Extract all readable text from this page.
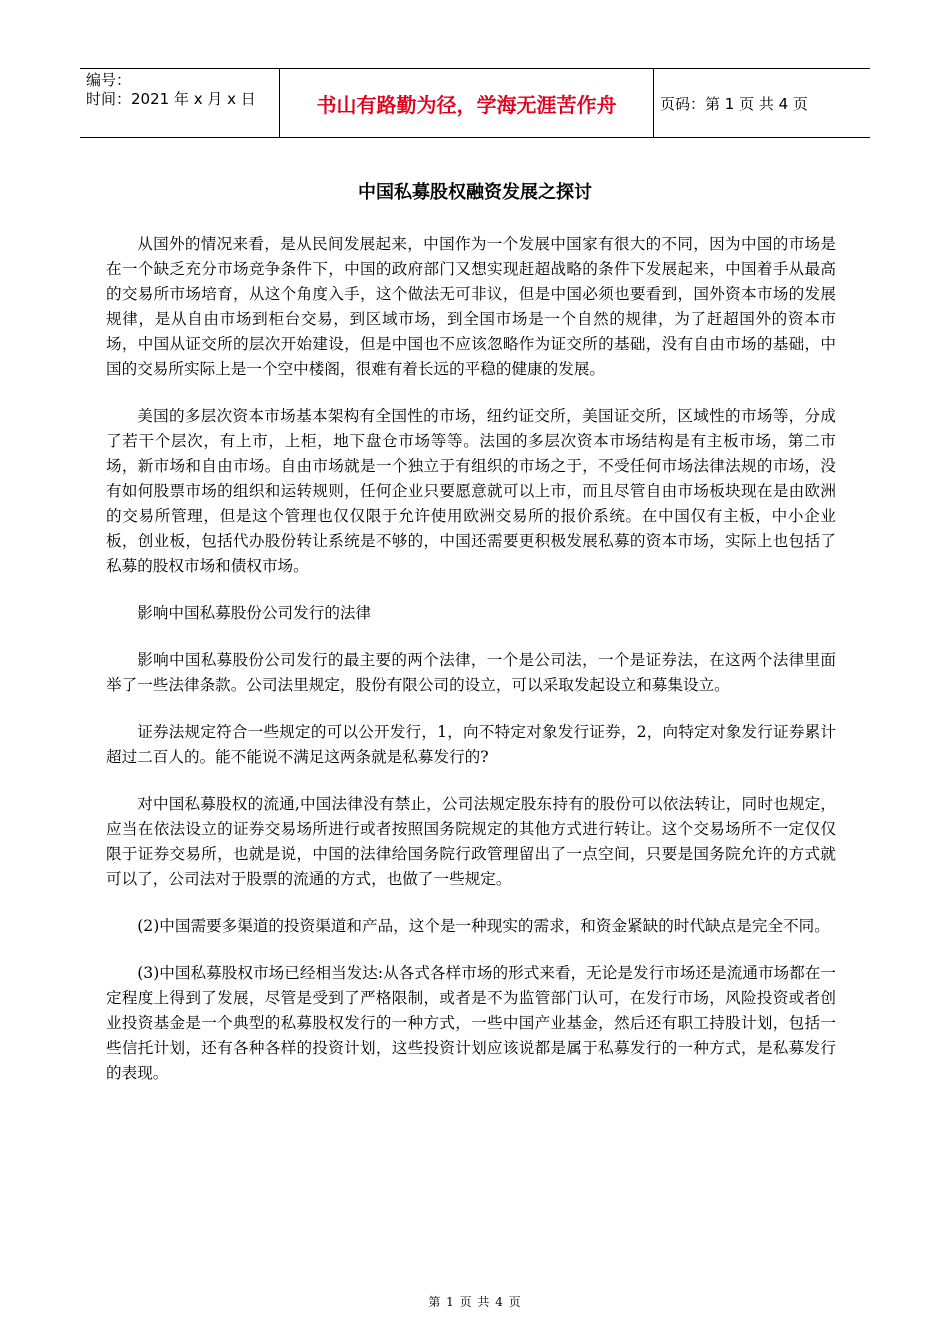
编号：
时间：2021 年 x 月 x 日	书山有路勤为径，学海无涯苦作舟	页码：第 1 页 共 4 页
中国私募股权融资发展之探讨

从国外的情况来看，是从民间发展起来，中国作为一个发展中国家有很大的不同，因为中国的市场是在一个缺乏充分市场竞争条件下，中国的政府部门又想实现赶超战略的条件下发展起来，中国着手从最高的交易所市场培育，从这个角度入手，这个做法无可非议，但是中国必须也要看到，国外资本市场的发展规律，是从自由市场到柜台交易，到区域市场，到全国市场是一个自然的规律，为了赶超国外的资本市场，中国从证交所的层次开始建设，但是中国也不应该忽略作为证交所的基础，没有自由市场的基础，中国的交易所实际上是一个空中楼阁，很难有着长远的平稳的健康的发展。

美国的多层次资本市场基本架构有全国性的市场，纽约证交所，美国证交所，区域性的市场等，分成了若干个层次，有上市，上柜，地下盘仓市场等等。法国的多层次资本市场结构是有主板市场，第二市场，新市场和自由市场。自由市场就是一个独立于有组织的市场之于，不受任何市场法律法规的市场，没有如何股票市场的组织和运转规则，任何企业只要愿意就可以上市，而且尽管自由市场板块现在是由欧洲的交易所管理，但是这个管理也仅仅限于允许使用欧洲交易所的报价系统。在中国仅有主板，中小企业板，创业板，包括代办股份转让系统是不够的，中国还需要更积极发展私募的资本市场，实际上也包括了私募的股权市场和债权市场。

影响中国私募股份公司发行的法律

影响中国私募股份公司发行的最主要的两个法律，一个是公司法，一个是证券法，在这两个法律里面举了一些法律条款。公司法里规定，股份有限公司的设立，可以采取发起设立和募集设立。

证券法规定符合一些规定的可以公开发行，1，向不特定对象发行证券，2，向特定对象发行证券累计超过二百人的。能不能说不满足这两条就是私募发行的?

对中国私募股权的流通,中国法律没有禁止，公司法规定股东持有的股份可以依法转让，同时也规定，应当在依法设立的证券交易场所进行或者按照国务院规定的其他方式进行转让。这个交易场所不一定仅仅限于证券交易所，也就是说，中国的法律给国务院行政管理留出了一点空间，只要是国务院允许的方式就可以了，公司法对于股票的流通的方式，也做了一些规定。

(2)中国需要多渠道的投资渠道和产品，这个是一种现实的需求，和资金紧缺的时代缺点是完全不同。

(3)中国私募股权市场已经相当发达:从各式各样市场的形式来看，无论是发行市场还是流通市场都在一定程度上得到了发展，尽管是受到了严格限制，或者是不为监管部门认可，在发行市场，风险投资或者创业投资基金是一个典型的私募股权发行的一种方式，一些中国产业基金，然后还有职工持股计划，包括一些信托计划，还有各种各样的投资计划，这些投资计划应该说都是属于私募发行的一种方式，是私募发行的表现。

第 1 页 共 4 页
